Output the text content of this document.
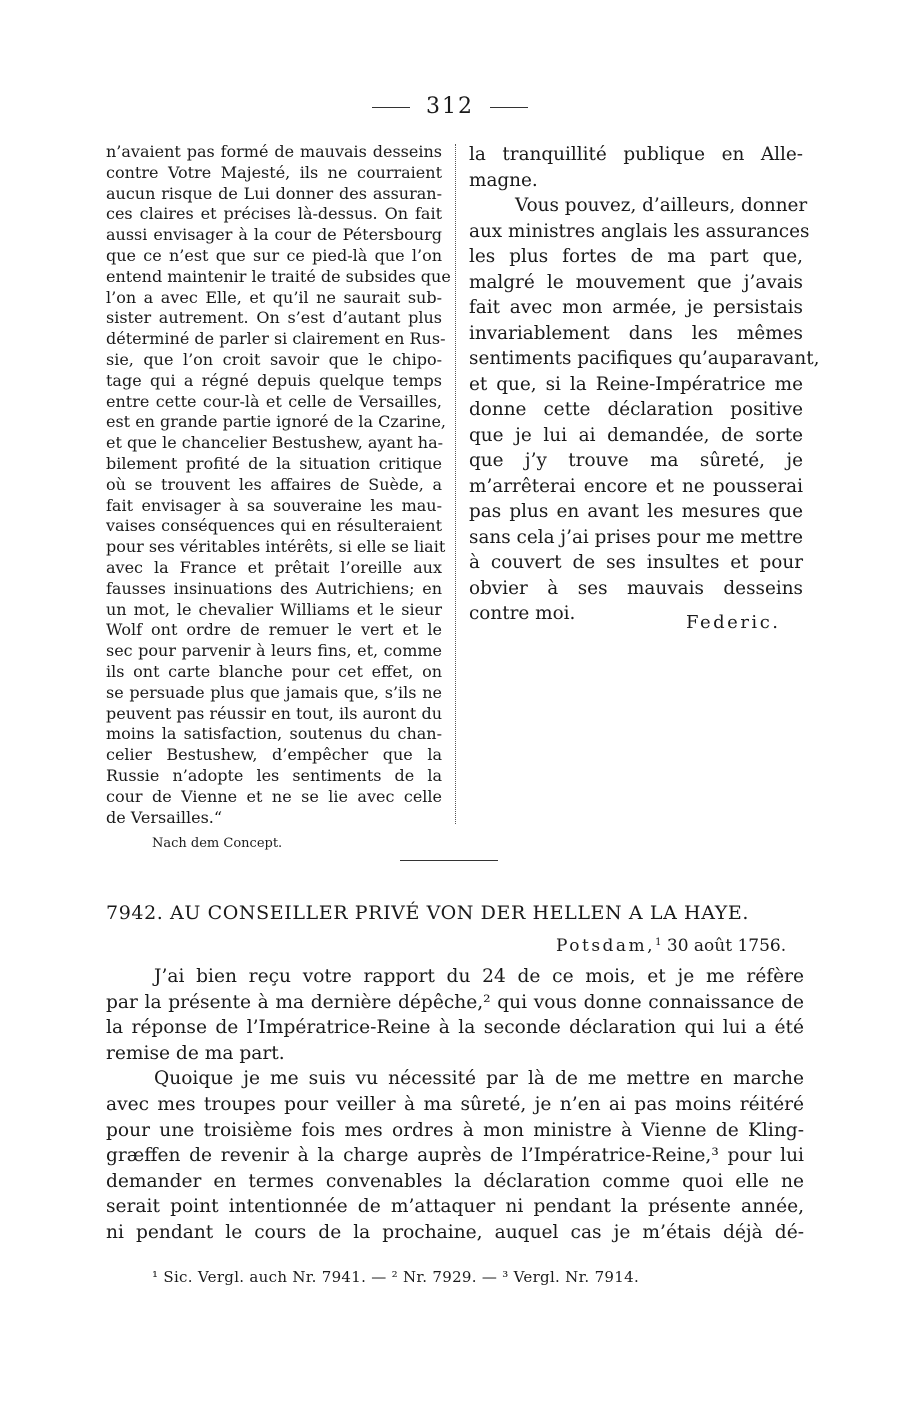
312
n’avaient pas formé de mauvais desseins
contre Votre Majesté, ils ne courraient
aucun risque de Lui donner des assuran-
ces claires et précises là-dessus. On fait
aussi envisager à la cour de Pétersbourg
que ce n’est que sur ce pied-là que l’on
entend maintenir le traité de subsides que
l’on a avec Elle, et qu’il ne saurait sub-
sister autrement. On s’est d’autant plus
déterminé de parler si clairement en Rus-
sie, que l’on croit savoir que le chipo-
tage qui a régné depuis quelque temps
entre cette cour-là et celle de Versailles,
est en grande partie ignoré de la Czarine,
et que le chancelier Bestushew, ayant ha-
bilement profité de la situation critique
où se trouvent les affaires de Suède, a
fait envisager à sa souveraine les mau-
vaises conséquences qui en résulteraient
pour ses véritables intérêts, si elle se liait
avec la France et prêtait l’oreille aux
fausses insinuations des Autrichiens; en
un mot, le chevalier Williams et le sieur
Wolf ont ordre de remuer le vert et le
sec pour parvenir à leurs fins, et, comme
ils ont carte blanche pour cet effet, on
se persuade plus que jamais que, s’ils ne
peuvent pas réussir en tout, ils auront du
moins la satisfaction, soutenus du chan-
celier Bestushew, d’empêcher que la
Russie n’adopte les sentiments de la
cour de Vienne et ne se lie avec celle
de Versailles.“
la tranquillité publique en Alle-
magne.
Vous pouvez, d’ailleurs, donner
aux ministres anglais les assurances
les plus fortes de ma part que,
malgré le mouvement que j’avais
fait avec mon armée, je persistais
invariablement dans les mêmes
sentiments pacifiques qu’auparavant,
et que, si la Reine-Impératrice me
donne cette déclaration positive
que je lui ai demandée, de sorte
que j’y trouve ma sûreté, je
m’arrêterai encore et ne pousserai
pas plus en avant les mesures que
sans cela j’ai prises pour me mettre
à couvert de ses insultes et pour
obvier à ses mauvais desseins
contre moi.	Federic.
Nach dem Concept.
7942. AU CONSEILLER PRIVÉ VON DER HELLEN A LA HAYE.
Potsdam,$^1$ 30 août 1756.
J’ai bien reçu votre rapport du 24 de ce mois, et je me réfère
par la présente à ma dernière dépêche,² qui vous donne connaissance de
la réponse de l’Impératrice-Reine à la seconde déclaration qui lui a été
remise de ma part.
Quoique je me suis vu nécessité par là de me mettre en marche
avec mes troupes pour veiller à ma sûreté, je n’en ai pas moins réitéré
pour une troisième fois mes ordres à mon ministre à Vienne de Kling-
græffen de revenir à la charge auprès de l’Impératrice-Reine,³ pour lui
demander en termes convenables la déclaration comme quoi elle ne
serait point intentionnée de m’attaquer ni pendant la présente année,
ni pendant le cours de la prochaine, auquel cas je m’étais déjà dé-
¹ Sic. Vergl. auch Nr. 7941. — ² Nr. 7929. — ³ Vergl. Nr. 7914.
